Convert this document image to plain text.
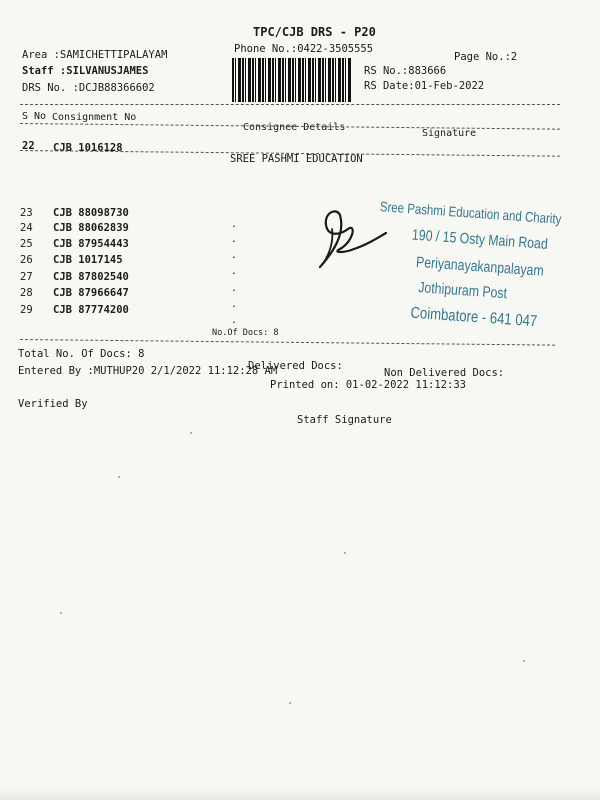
TPC/CJB DRS - P20
Phone No.:0422-3505555
Page No.:2
Area :SAMICHETTIPALAYAM
Staff :SILVANUSJAMES
DRS No. :DCJB88366602
RS No.:883666
RS Date:01-Feb-2022
S No Consignment No
Consignee Details
Signature
22 CJB 1016128
SREE PASHMI EDUCATION
23 CJB 88098730
.
24 CJB 88062839
.
25 CJB 87954443
.
26 CJB 1017145
.
27 CJB 87802540
.
28 CJB 87966647
.
29 CJB 87774200
.
Sree Pashmi Education and Charity
190 / 15 Osty Main Road
Periyanayakanpalayam
Jothipuram Post
Coimbatore - 641 047
No.Of Docs: 8
Total No. Of Docs: 8
Delivered Docs:
Non Delivered Docs:
Entered By :MUTHUP20 2/1/2022 11:12:28 AM
Printed on: 01-02-2022 11:12:33
Verified By
Staff Signature
